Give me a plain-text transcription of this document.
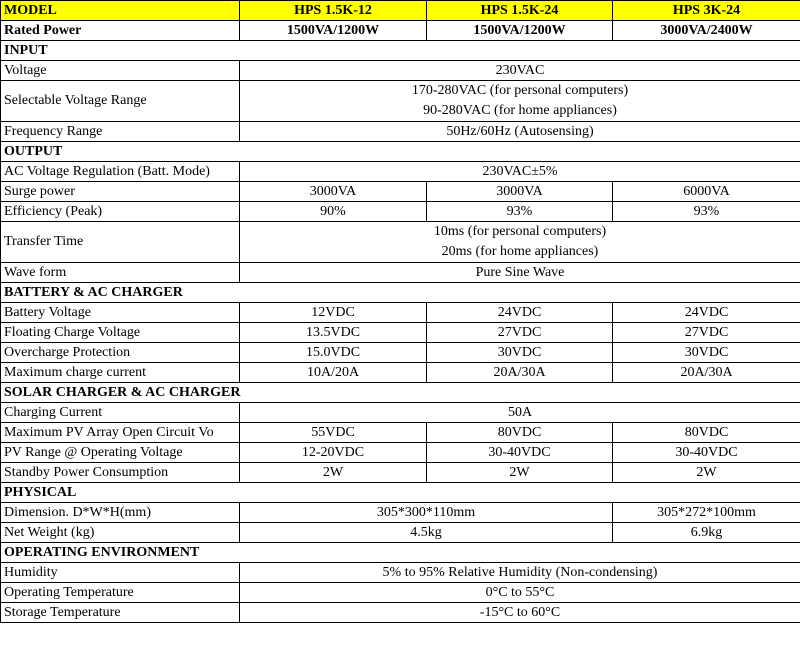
MODEL	HPS 1.5K-12	HPS 1.5K-24	HPS 3K-24
Rated Power	1500VA/1200W	1500VA/1200W	3000VA/2400W
INPUT			
Voltage	230VAC		
Selectable Voltage Range	170-280VAC (for personal computers)
90-280VAC (for home appliances)		

Frequency Range	50Hz/60Hz (Autosensing)		
OUTPUT			
AC Voltage Regulation (Batt. Mode)	230VAC±5%		
Surge power	3000VA	3000VA	6000VA
Efficiency (Peak)	90%	93%	93%
Transfer Time	10ms (for personal computers)
20ms (for home appliances)		

Wave form	Pure Sine Wave		
BATTERY & AC CHARGER			
Battery Voltage	12VDC	24VDC	24VDC
Floating Charge Voltage	13.5VDC	27VDC	27VDC
Overcharge Protection	15.0VDC	30VDC	30VDC
Maximum charge current	10A/20A	20A/30A	20A/30A
SOLAR CHARGER & AC CHARGER			
Charging Current	50A		
Maximum PV Array Open Circuit Vo	55VDC	80VDC	80VDC
PV Range @ Operating Voltage	12-20VDC	30-40VDC	30-40VDC
Standby Power Consumption	2W	2W	2W
PHYSICAL			
Dimension. D*W*H(mm)	305*300*110mm		305*272*100mm
Net Weight (kg)	4.5kg		6.9kg
OPERATING ENVIRONMENT			
Humidity	5% to 95% Relative Humidity (Non-condensing)		
Operating Temperature	0°C to 55°C		
Storage Temperature	-15°C to 60°C		
